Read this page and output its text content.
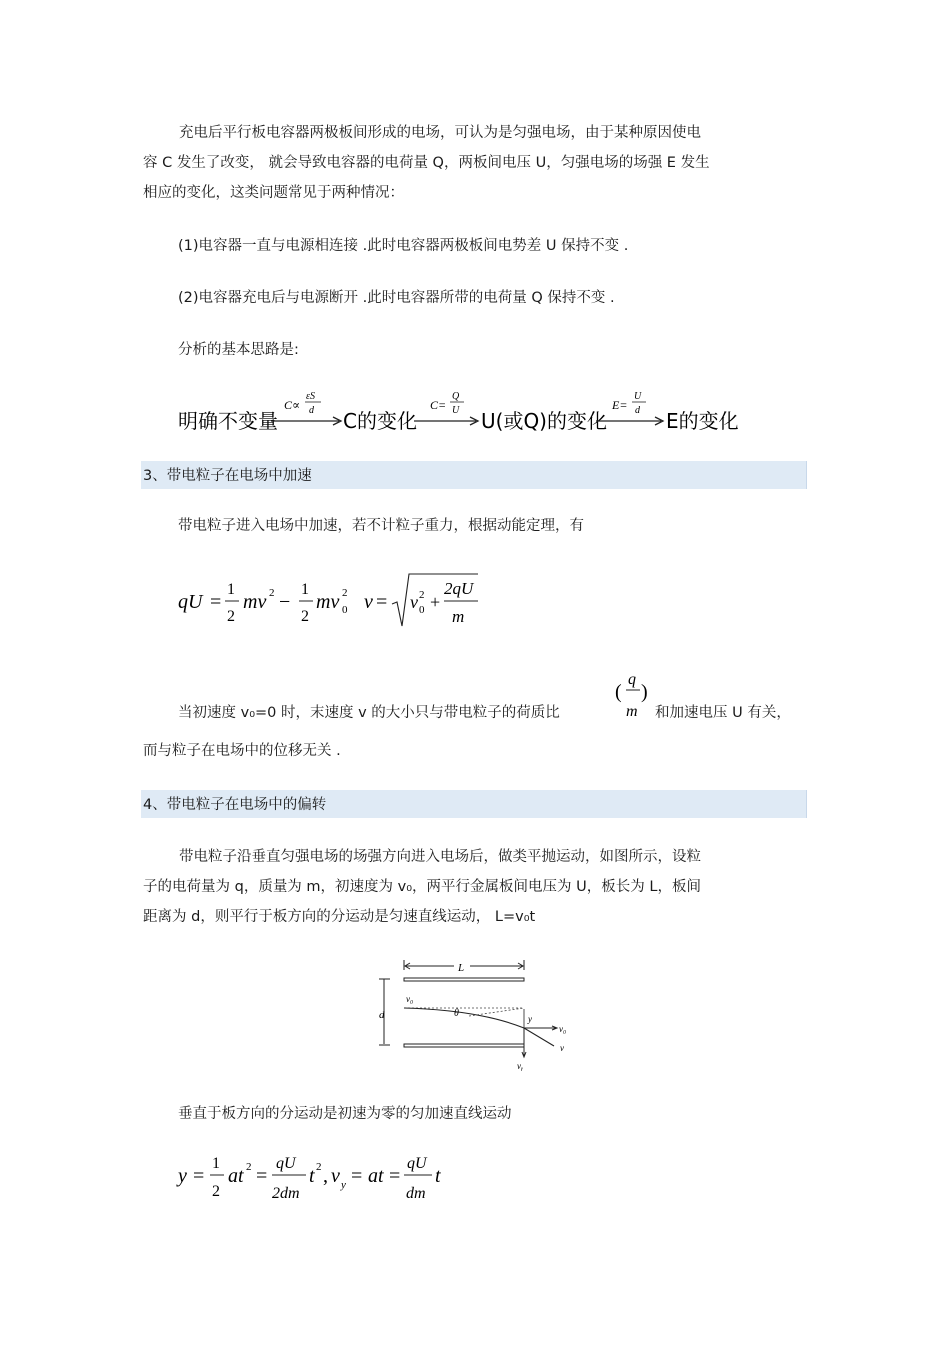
充电后平行板电容器两极板间形成的电场，可认为是匀强电场，由于某种原因使电
容 C 发生了改变， 就会导致电容器的电荷量 Q，两板间电压 U，匀强电场的场强 E 发生
相应的变化，这类问题常见于两种情况：
(1)电容器一直与电源相连接 .此时电容器两极板间电势差 U 保持不变 .
(2)电容器充电后与电源断开 .此时电容器所带的电荷量 Q 保持不变 .
分析的基本思路是:
明确不变量
C∝
εS
d C的变化
C=
Q
U U(或Q)的变化
E=
U
d E的变化
3、带电粒子在电场中加速
带电粒子进入电场中加速，若不计粒子重力，根据动能定理，有
qU =
1
2
mv 2 −
1
2
mv 2
0 v = v 2
0 +
2qU
m
当初速度 v₀=0 时，末速度 v 的大小只与带电粒子的荷质比
(
q
m
)
和加速电压 U 有关，
而与粒子在电场中的位移无关 .
4、带电粒子在电场中的偏转
带电粒子沿垂直匀强电场的场强方向进入电场后，做类平抛运动，如图所示，设粒
子的电荷量为 q，质量为 m，初速度为 v₀，两平行金属板间电压为 U，板长为 L，板间
距离为 d，则平行于板方向的分运动是匀速直线运动， L=v₀t
L
d
v₀
θ	y
v₀
v
vᵧ
垂直于板方向的分运动是初速为零的匀加速直线运动
y =
1
2
at 2 =
qU
2dm
t 2 , v y = at =
qU
dm
t
